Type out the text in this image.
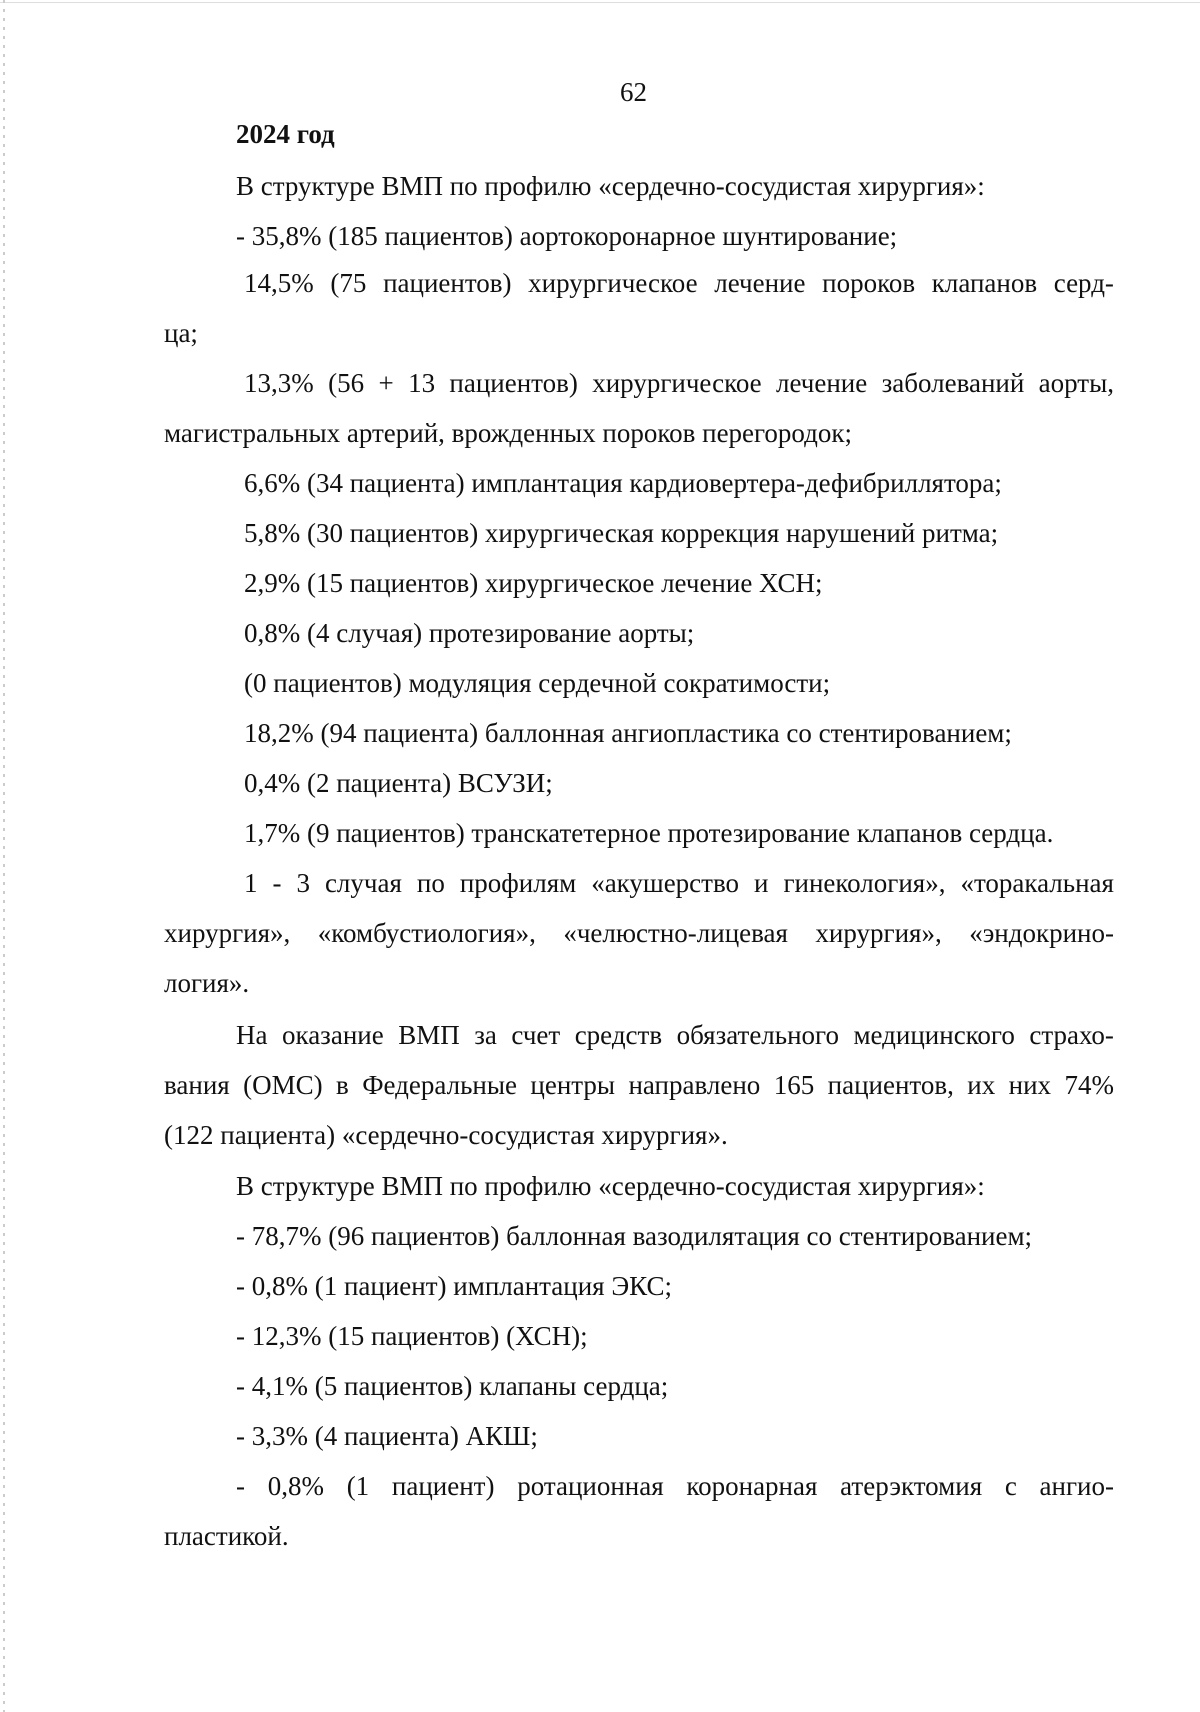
62

2024 год

В структуре ВМП по профилю «сердечно-сосудистая хирургия»:

- 35,8% (185 пациентов) аортокоронарное шунтирование;

14,5% (75 пациентов) хирургическое лечение пороков клапанов серд-

ца;

13,3% (56 + 13 пациентов) хирургическое лечение заболеваний аорты,

магистральных артерий, врожденных пороков перегородок;

6,6% (34 пациента) имплантация кардиовертера-дефибриллятора;

5,8% (30 пациентов) хирургическая коррекция нарушений ритма;

2,9% (15 пациентов) хирургическое лечение ХСН;

0,8% (4 случая) протезирование аорты;

(0 пациентов) модуляция сердечной сократимости;

18,2% (94 пациента) баллонная ангиопластика со стентированием;

0,4% (2 пациента) ВСУЗИ;

1,7% (9 пациентов) транскатетерное протезирование клапанов сердца.

1 - 3 случая по профилям «акушерство и гинекология», «торакальная
хирургия», «комбустиология», «челюстно-лицевая хирургия», «эндокрино-

логия».

На оказание ВМП за счет средств обязательного медицинского страхо-
вания (ОМС) в Федеральные центры направлено 165 пациентов, их них 74%

(122 пациента) «сердечно-сосудистая хирургия».

В структуре ВМП по профилю «сердечно-сосудистая хирургия»:

- 78,7% (96 пациентов) баллонная вазодилятация со стентированием;

- 0,8% (1 пациент) имплантация ЭКС;

- 12,3% (15 пациентов) (ХСН);

- 4,1% (5 пациентов) клапаны сердца;

- 3,3% (4 пациента) АКШ;

- 0,8% (1 пациент) ротационная коронарная атерэктомия с ангио-

пластикой.
